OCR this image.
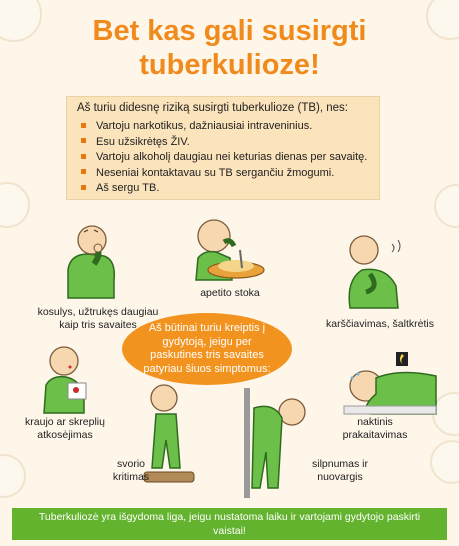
Bet kas gali susirgti
tuberkulioze!
Aš turiu didesnę riziką susirgti tuberkulioze (TB), nes:
Vartoju narkotikus, dažniausiai intraveninius.
Esu užsikrėtęs ŽIV.
Vartoju alkoholį daugiau nei keturias dienas per savaitę.
Neseniai kontaktavau su TB sergančiu žmogumi.
Aš sergu TB.
kosulys, užtrukęs daugiau
kaip tris savaites
apetito stoka
karščiavimas, šaltkrėtis
Aš būtinai turiu kreiptis į gydytoją, jeigu per paskutines tris savaites patyriau šiuos simptomus:
kraujo ar skreplių
atkosėjimas
svorio
kritimas
silpnumas ir
nuovargis
naktinis
prakaitavimas
Tuberkuliozė yra išgydoma liga, jeigu nustatoma laiku ir vartojami gydytojo paskirti vaistai!
